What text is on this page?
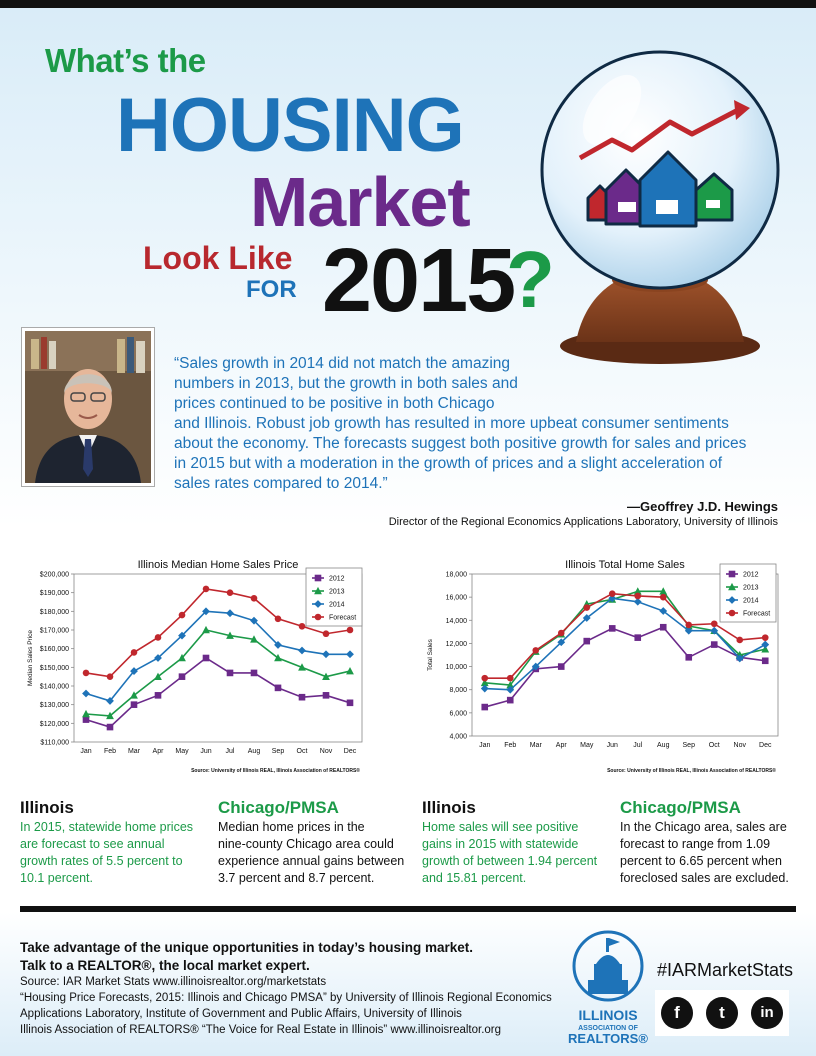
What’s the
HOUSING
Market
Look Like
FOR 2015
?
“Sales growth in 2014 did not match the amazing
numbers in 2013, but the growth in both sales and
prices continued to be positive in both Chicago
and Illinois. Robust job growth has resulted in more upbeat consumer sentiments
about the economy. The forecasts suggest both positive growth for sales and prices
in 2015 but with a moderation in the growth of prices and a slight acceleration of
sales rates compared to 2014.”
—Geoffrey J.D. Hewings
Director of the Regional Economics Applications Laboratory, University of Illinois
Illinois Median Home Sales Price
$110,000
$120,000
$130,000
$140,000
$150,000
$160,000
$170,000
$180,000
$190,000
$200,000
Jan Feb Mar Apr May Jun Jul Aug Sep Oct Nov Dec
Median Sales Price
2012
2013
2014
Forecast
Source: University of Illinois REAL, Illinois Association of REALTORS®
Illinois Total Home Sales
4,000
6,000
8,000
10,000
12,000
14,000
16,000
18,000
Jan Feb Mar Apr May Jun Jul Aug Sep Oct Nov Dec
Total Sales
2012
2013
2014
Forecast
Source: University of Illinois REAL, Illinois Association of REALTORS®
Illinois
In 2015, statewide home prices
are forecast to see annual
growth rates of 5.5 percent to
10.1 percent.
Chicago/PMSA
Median home prices in the
nine-county Chicago area could
experience annual gains between
3.7 percent and 8.7 percent.
Illinois
Home sales will see positive
gains in 2015 with statewide
growth of between 1.94 percent
and 15.81 percent.
Chicago/PMSA
In the Chicago area, sales are
forecast to range from 1.09
percent to 6.65 percent when
foreclosed sales are excluded.
Take advantage of the unique opportunities in today’s housing market.
Talk to a REALTOR®, the local market expert.
Source: IAR Market Stats www.illinoisrealtor.org/marketstats
“Housing Price Forecasts, 2015: Illinois and Chicago PMSA” by University of Illinois Regional Economics
Applications Laboratory, Institute of Government and Public Affairs, University of Illinois
Illinois Association of REALTORS® “The Voice for Real Estate in Illinois” www.illinoisrealtor.org
ILLINOIS
ASSOCIATION OF
REALTORS®
#IARMarketStats
f	t	in
